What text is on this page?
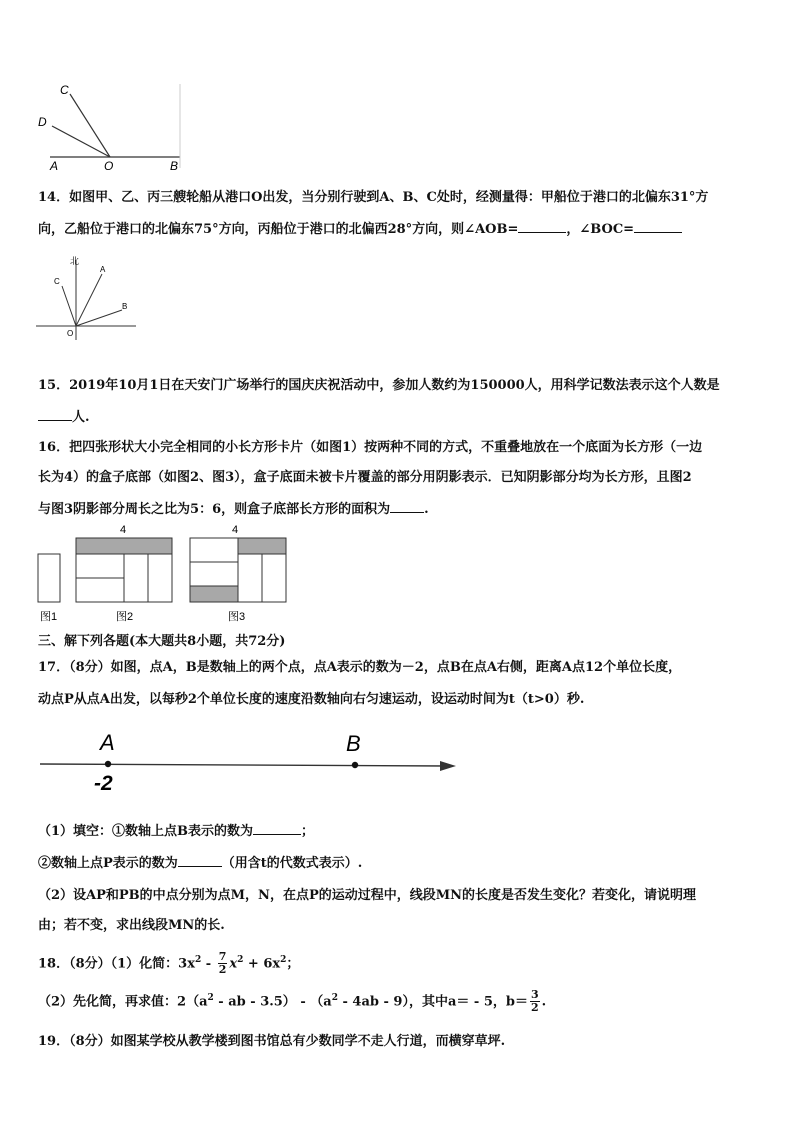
C
D
A	O	B

14．如图甲、乙、丙三艘轮船从港口O出发，当分别行驶到A、B、C处时，经测量得：甲船位于港口的北偏东31°方

向，乙船位于港口的北偏东75°方向，丙船位于港口的北偏西28°方向，则∠AOB=	，∠BOC=

北
A
B
C
O

15．2019年10月1日在天安门广场举行的国庆庆祝活动中，参加人数约为150000人，用科学记数法表示这个人数是

人.

16．把四张形状大小完全相同的小长方形卡片（如图1）按两种不同的方式，不重叠地放在一个底面为长方形（一边

长为4）的盒子底部（如图2、图3），盒子底面未被卡片覆盖的部分用阴影表示．已知阴影部分均为长方形，且图2

与图3阴影部分周长之比为5：6，则盒子底部长方形的面积为	.

4	4
图1	图2	图3

三、解下列各题(本大题共8小题，共72分)

17．（8分）如图，点A，B是数轴上的两个点，点A表示的数为－2，点B在点A右侧，距离A点12个单位长度，

动点P从点A出发，以每秒2个单位长度的速度沿数轴向右匀速运动，设运动时间为t（t>0）秒.

A	B
-2

（1）填空：①数轴上点B表示的数为	；

②数轴上点P表示的数为	（用含t的代数式表示）.

（2）设AP和PB的中点分别为点M，N，在点P的运动过程中，线段MN的长度是否发生变化？若变化，请说明理

由；若不变，求出线段MN的长.

18．（8分）（1）化简：$3x^2 - \frac{7}{2} x^2 + 6x^2$；

（2）先化简，再求值：$2(a^2$ - ab - $3.5) - (a^2 - 4ab - 9)$，其中a＝ - 5，$b= \frac{3}{2}$ .

19．（8分）如图某学校从教学楼到图书馆总有少数同学不走人行道，而横穿草坪.
